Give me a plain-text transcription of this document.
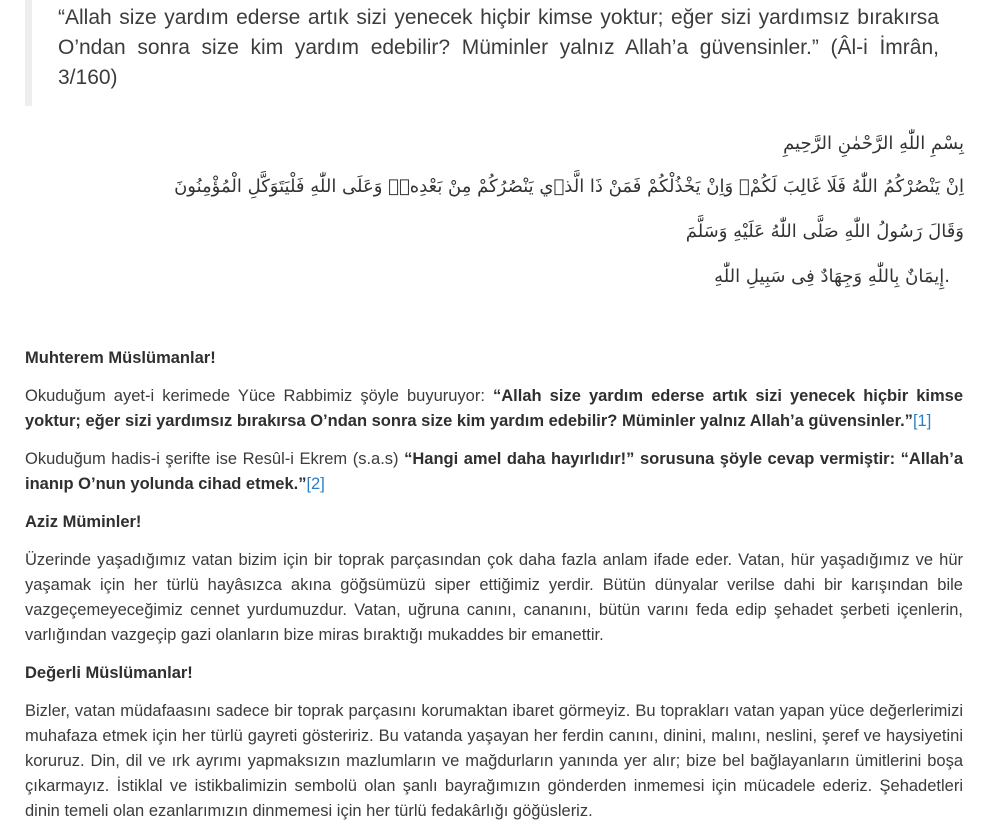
“Allah size yardım ederse artık sizi yenecek hiçbir kimse yoktur; eğer sizi yardımsız bırakırsa O’ndan sonra size kim yardım edebilir? Müminler yalnız Allah’a güvensinler.” (Âl-i İmrân, 3/160)
بِسْمِ اللّٰهِ الرَّحْمٰنِ الرَّحِيمِ
اِنْ يَنْصُرْكُمُ اللّٰهُ فَلَا غَالِبَ لَكُمْۚ وَاِنْ يَخْذُلْكُمْ فَمَنْ ذَا الَّذٖي يَنْصُرُكُمْ مِنْ بَعْدِهٖۜ وَعَلَى اللّٰهِ فَلْيَتَوَكَّلِ الْمُؤْمِنُونَ
وَقَالَ رَسُولُ اللّٰهِ صَلَّى اللّٰهُ عَلَيْهِ وَسَلَّمَ
.إِيمَانٌ بِاللّٰهِ وَجِهَادٌ فِى سَبِيلِ اللّٰهِ
Muhterem Müslümanlar!

Okuduğum ayet-i kerimede Yüce Rabbimiz şöyle buyuruyor: “Allah size yardım ederse artık sizi yenecek hiçbir kimse yoktur; eğer sizi yardımsız bırakırsa O’ndan sonra size kim yardım edebilir? Müminler yalnız Allah’a güvensinler.”[1]

Okuduğum hadis-i şerifte ise Resûl-i Ekrem (s.a.s) “Hangi amel daha hayırlıdır!” sorusuna şöyle cevap vermiştir: “Allah’a inanıp O’nun yolunda cihad etmek.”[2]

Aziz Müminler!

Üzerinde yaşadığımız vatan bizim için bir toprak parçasından çok daha fazla anlam ifade eder. Vatan, hür yaşadığımız ve hür yaşamak için her türlü hayâsızca akına göğsümüzü siper ettiğimiz yerdir. Bütün dünyalar verilse dahi bir karışından bile vazgeçemeyeceğimiz cennet yurdumuzdur. Vatan, uğruna canını, cananını, bütün varını feda edip şehadet şerbeti içenlerin, varlığından vazgeçip gazi olanların bize miras bıraktığı mukaddes bir emanettir.

Değerli Müslümanlar!

Bizler, vatan müdafaasını sadece bir toprak parçasını korumaktan ibaret görmeyiz. Bu toprakları vatan yapan yüce değerlerimizi muhafaza etmek için her türlü gayreti gösteririz. Bu vatanda yaşayan her ferdin canını, dinini, malını, neslini, şeref ve haysiyetini koruruz. Din, dil ve ırk ayrımı yapmaksızın mazlumların ve mağdurların yanında yer alır; bize bel bağlayanların ümitlerini boşa çıkarmayız. İstiklal ve istikbalimizin sembolü olan şanlı bayrağımızın gönderden inmemesi için mücadele ederiz. Şehadetleri dinin temeli olan ezanlarımızın dinmemesi için her türlü fedakârlığı göğüsleriz.
